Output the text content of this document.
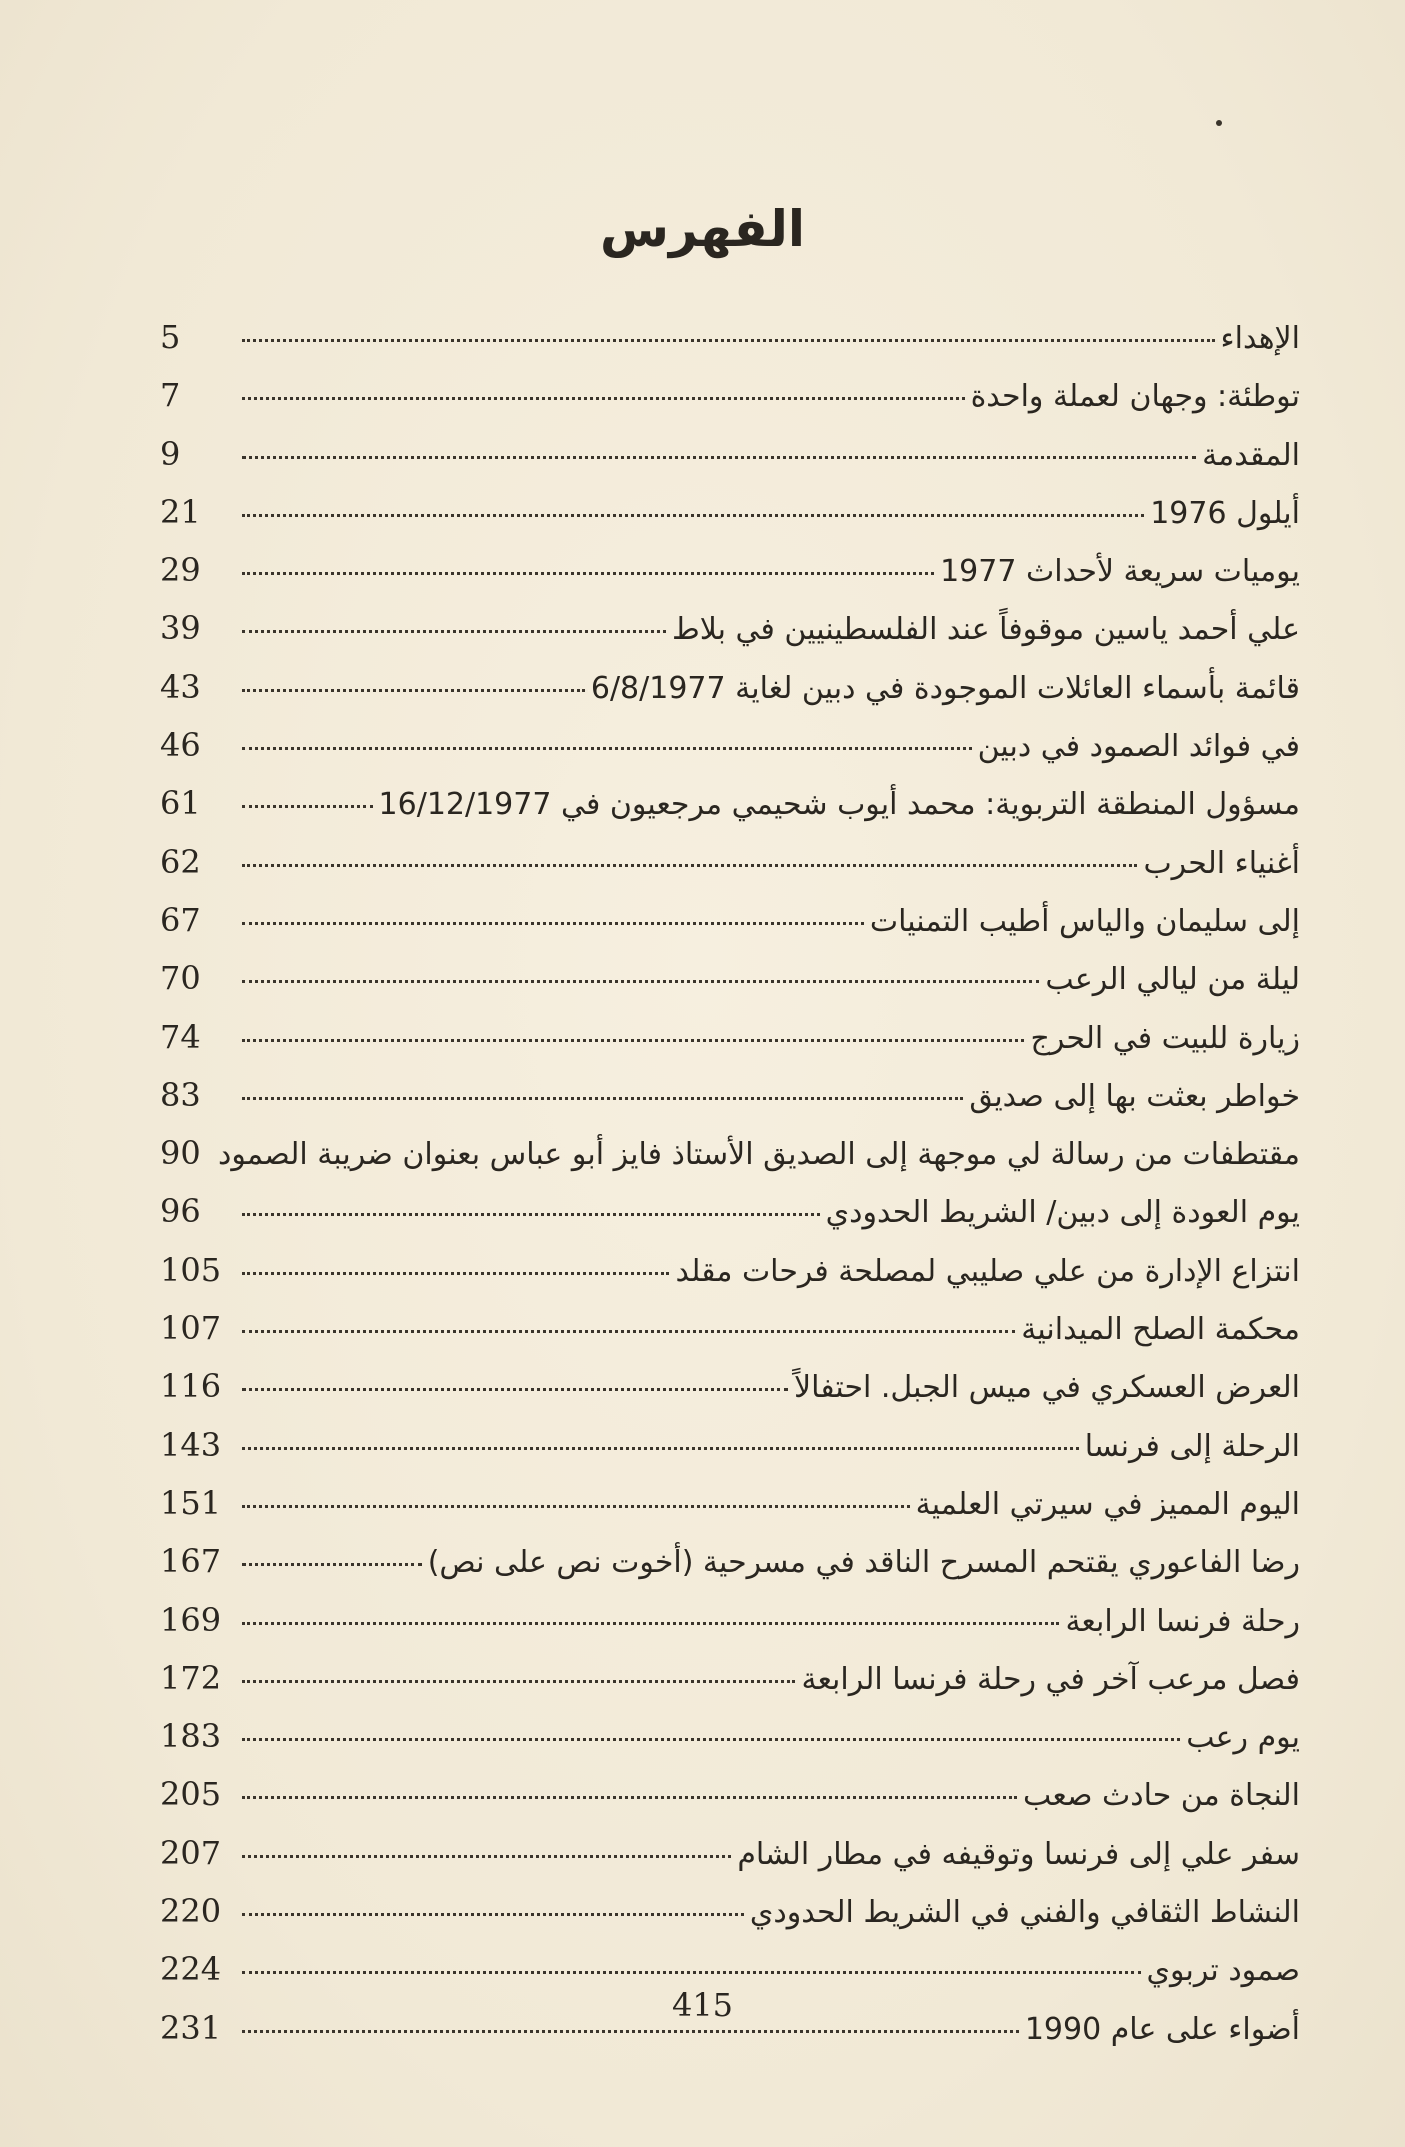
الفهرس
الإهداء
5
توطئة: وجهان لعملة واحدة
7
المقدمة
9
أيلول 1976
21
يوميات سريعة لأحداث 1977
29
علي أحمد ياسين موقوفاً عند الفلسطينيين في بلاط
39
قائمة بأسماء العائلات الموجودة في دبين لغاية 6/8/1977
43
في فوائد الصمود في دبين
46
مسؤول المنطقة التربوية: محمد أيوب شحيمي مرجعيون في 16/12/1977
61
أغنياء الحرب
62
إلى سليمان والياس أطيب التمنيات
67
ليلة من ليالي الرعب
70
زيارة للبيت في الحرج
74
خواطر بعثت بها إلى صديق
83
مقتطفات من رسالة لي موجهة إلى الصديق الأستاذ فايز أبو عباس بعنوان ضريبة الصمود
90
يوم العودة إلى دبين/ الشريط الحدودي
96
انتزاع الإدارة من علي صليبي لمصلحة فرحات مقلد
105
محكمة الصلح الميدانية
107
العرض العسكري في ميس الجبل. احتفالاً
116
الرحلة إلى فرنسا
143
اليوم المميز في سيرتي العلمية
151
رضا الفاعوري يقتحم المسرح الناقد في مسرحية (أخوت نص على نص)
167
رحلة فرنسا الرابعة
169
فصل مرعب آخر في رحلة فرنسا الرابعة
172
يوم رعب
183
النجاة من حادث صعب
205
سفر علي إلى فرنسا وتوقيفه في مطار الشام
207
النشاط الثقافي والفني في الشريط الحدودي
220
صمود تربوي
224
أضواء على عام 1990
231
415
